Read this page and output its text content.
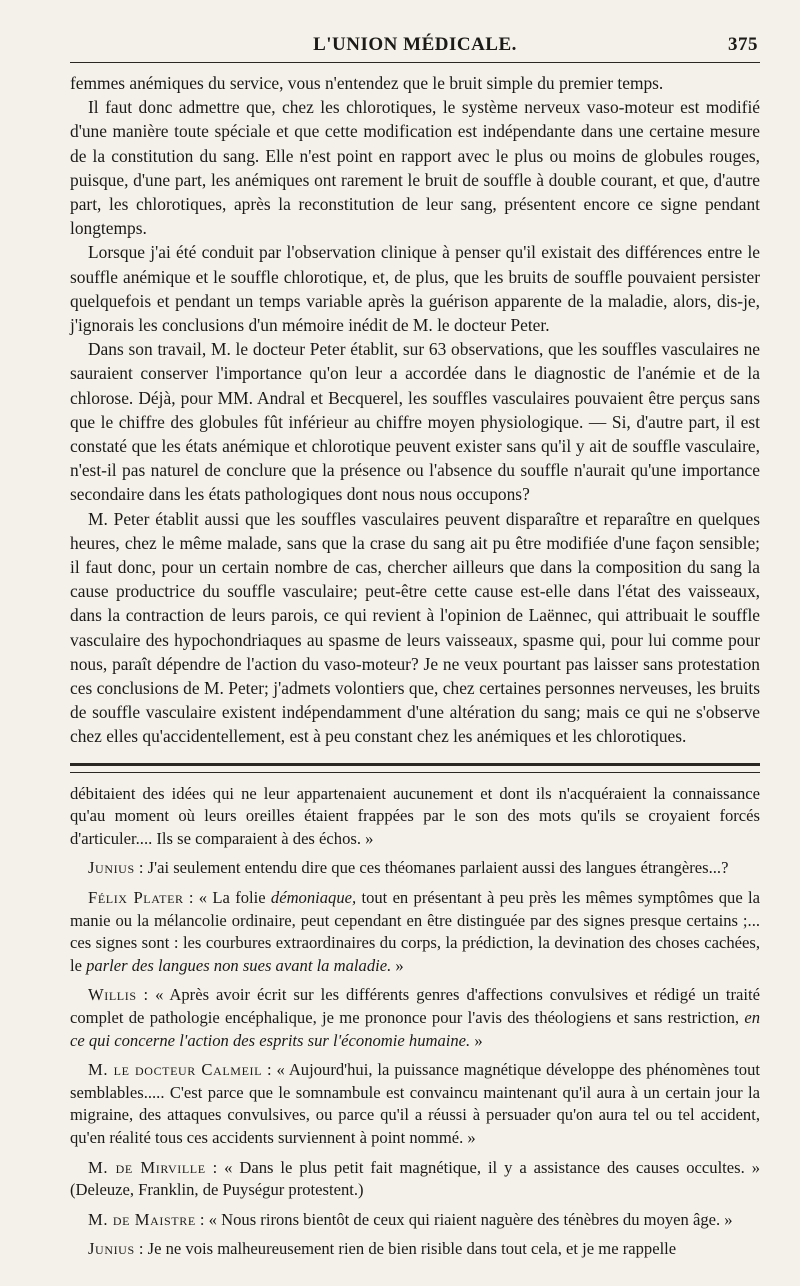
L'UNION MÉDICALE.	375

femmes anémiques du service, vous n'entendez que le bruit simple du premier temps.

Il faut donc admettre que, chez les chlorotiques, le système nerveux vaso-moteur est modifié d'une manière toute spéciale et que cette modification est indépendante dans une certaine mesure de la constitution du sang. Elle n'est point en rapport avec le plus ou moins de globules rouges, puisque, d'une part, les anémiques ont rarement le bruit de souffle à double courant, et que, d'autre part, les chlorotiques, après la reconstitution de leur sang, présentent encore ce signe pendant longtemps.

Lorsque j'ai été conduit par l'observation clinique à penser qu'il existait des différences entre le souffle anémique et le souffle chlorotique, et, de plus, que les bruits de souffle pouvaient persister quelquefois et pendant un temps variable après la guérison apparente de la maladie, alors, dis-je, j'ignorais les conclusions d'un mémoire inédit de M. le docteur Peter.

Dans son travail, M. le docteur Peter établit, sur 63 observations, que les souffles vasculaires ne sauraient conserver l'importance qu'on leur a accordée dans le diagnostic de l'anémie et de la chlorose. Déjà, pour MM. Andral et Becquerel, les souffles vasculaires pouvaient être perçus sans que le chiffre des globules fût inférieur au chiffre moyen physiologique. — Si, d'autre part, il est constaté que les états anémique et chlorotique peuvent exister sans qu'il y ait de souffle vasculaire, n'est-il pas naturel de conclure que la présence ou l'absence du souffle n'aurait qu'une importance secondaire dans les états pathologiques dont nous nous occupons?

M. Peter établit aussi que les souffles vasculaires peuvent disparaître et reparaître en quelques heures, chez le même malade, sans que la crase du sang ait pu être modifiée d'une façon sensible; il faut donc, pour un certain nombre de cas, chercher ailleurs que dans la composition du sang la cause productrice du souffle vasculaire; peut-être cette cause est-elle dans l'état des vaisseaux, dans la contraction de leurs parois, ce qui revient à l'opinion de Laënnec, qui attribuait le souffle vasculaire des hypochondriaques au spasme de leurs vaisseaux, spasme qui, pour lui comme pour nous, paraît dépendre de l'action du vaso-moteur? Je ne veux pourtant pas laisser sans protestation ces conclusions de M. Peter; j'admets volontiers que, chez certaines personnes nerveuses, les bruits de souffle vasculaire existent indépendamment d'une altération du sang; mais ce qui ne s'observe chez elles qu'accidentellement, est à peu constant chez les anémiques et les chlorotiques.

débitaient des idées qui ne leur appartenaient aucunement et dont ils n'acquéraient la connaissance qu'au moment où leurs oreilles étaient frappées par le son des mots qu'ils se croyaient forcés d'articuler.... Ils se comparaient à des échos. »

Junius : J'ai seulement entendu dire que ces théomanes parlaient aussi des langues étrangères...?

Félix Plater : « La folie démoniaque, tout en présentant à peu près les mêmes symptômes que la manie ou la mélancolie ordinaire, peut cependant en être distinguée par des signes presque certains ;... ces signes sont : les courbures extraordinaires du corps, la prédiction, la devination des choses cachées, le parler des langues non sues avant la maladie. »

Willis : « Après avoir écrit sur les différents genres d'affections convulsives et rédigé un traité complet de pathologie encéphalique, je me prononce pour l'avis des théologiens et sans restriction, en ce qui concerne l'action des esprits sur l'économie humaine. »

M. le docteur Calmeil : « Aujourd'hui, la puissance magnétique développe des phénomènes tout semblables..... C'est parce que le somnambule est convaincu maintenant qu'il aura à un certain jour la migraine, des attaques convulsives, ou parce qu'il a réussi à persuader qu'on aura tel ou tel accident, qu'en réalité tous ces accidents surviennent à point nommé. »

M. de Mirville : « Dans le plus petit fait magnétique, il y a assistance des causes occultes. » (Deleuze, Franklin, de Puységur protestent.)

M. de Maistre : « Nous rirons bientôt de ceux qui riaient naguère des ténèbres du moyen âge. »

Junius : Je ne vois malheureusement rien de bien risible dans tout cela, et je me rappelle
